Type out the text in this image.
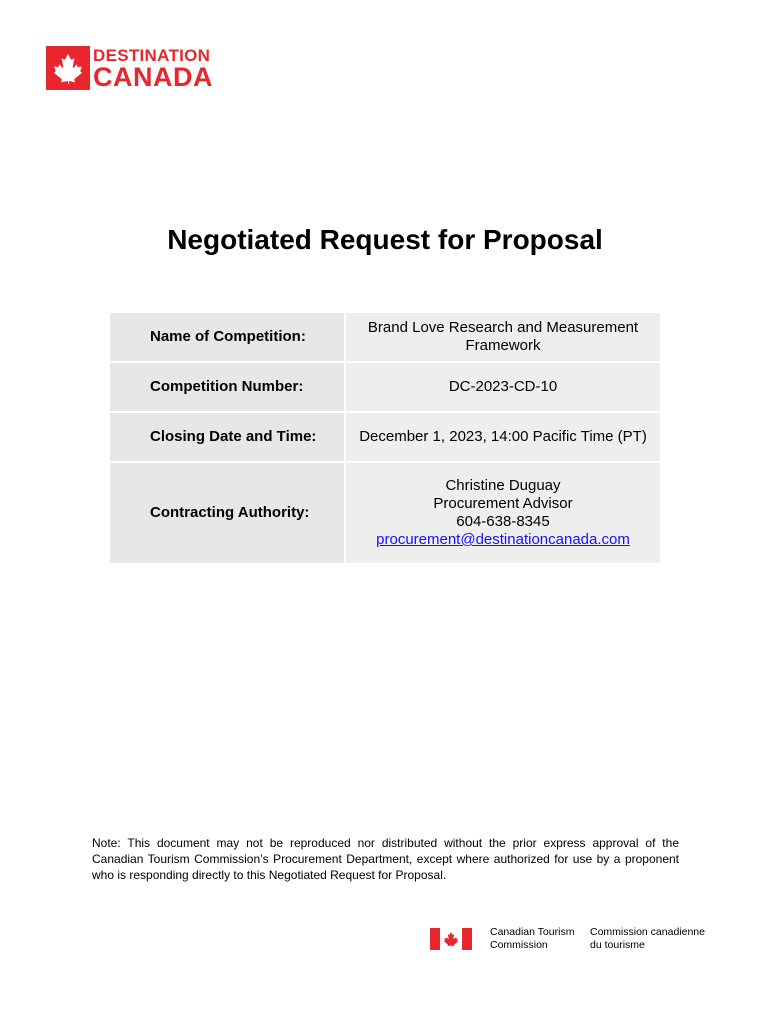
DESTINATION
CANADA
Negotiated Request for Proposal
Name of Competition:	Brand Love Research and Measurement
Framework

Competition Number:	DC-2023-CD-10
Closing Date and Time:	December 1, 2023, 14:00 Pacific Time (PT)
Contracting Authority:	Christine Duguay
Procurement Advisor
604-638-8345
procurement@destinationcanada.com
Note: This document may not be reproduced nor distributed without the prior express approval of the Canadian Tourism Commission’s Procurement Department, except where authorized for use by a proponent who is responding directly to this Negotiated Request for Proposal.
Canadian Tourism
Commission
Commission canadienne
du tourisme
